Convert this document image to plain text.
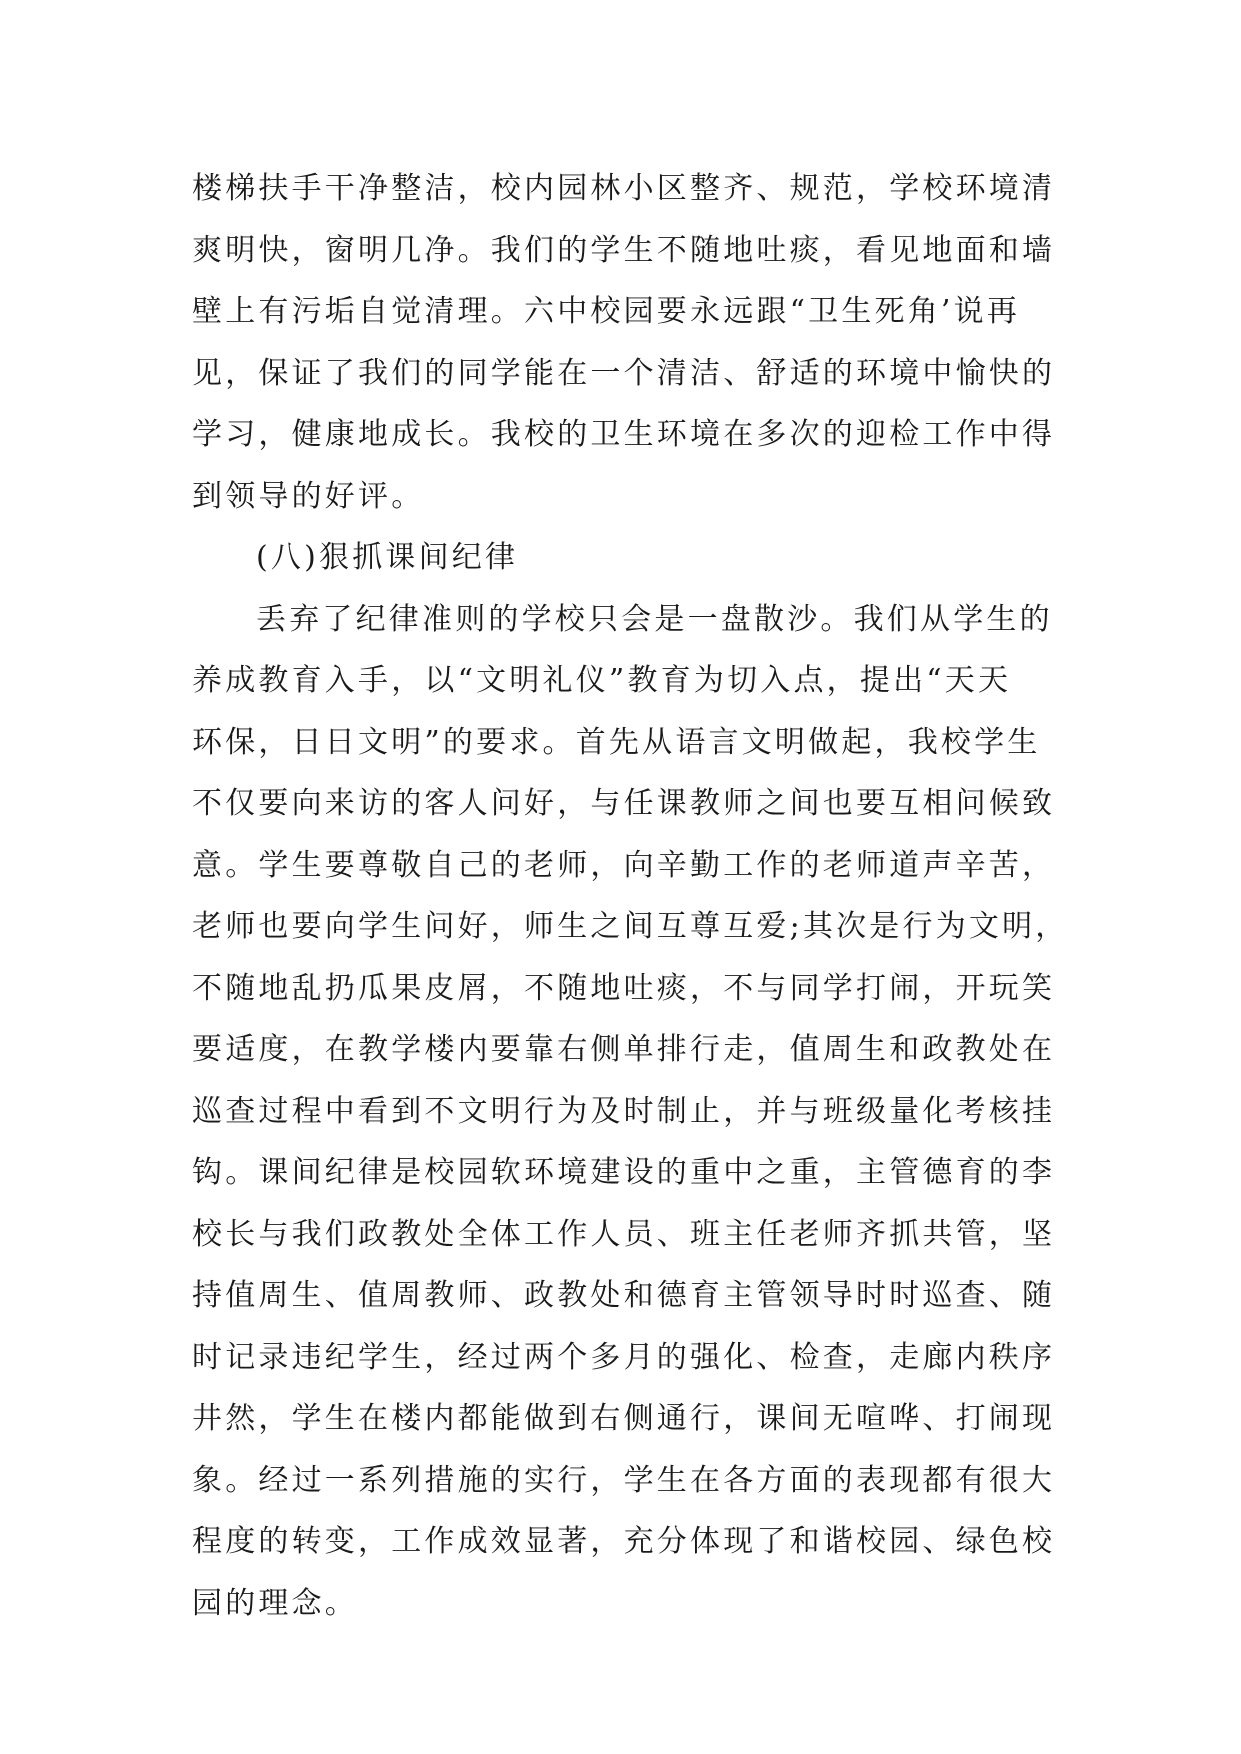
楼梯扶手干净整洁，校内园林小区整齐、规范，学校环境清
爽明快，窗明几净。我们的学生不随地吐痰，看见地面和墙
壁上有污垢自觉清理。六中校园要永远跟“卫生死角’说再
见，保证了我们的同学能在一个清洁、舒适的环境中愉快的
学习，健康地成长。我校的卫生环境在多次的迎检工作中得
到领导的好评。
(八)狠抓课间纪律
丢弃了纪律准则的学校只会是一盘散沙。我们从学生的
养成教育入手，以“文明礼仪”教育为切入点，提出“天天
环保，日日文明”的要求。首先从语言文明做起，我校学生
不仅要向来访的客人问好，与任课教师之间也要互相问候致
意。学生要尊敬自己的老师，向辛勤工作的老师道声辛苦，
老师也要向学生问好，师生之间互尊互爱;其次是行为文明，
不随地乱扔瓜果皮屑，不随地吐痰，不与同学打闹，开玩笑
要适度，在教学楼内要靠右侧单排行走，值周生和政教处在
巡查过程中看到不文明行为及时制止，并与班级量化考核挂
钩。课间纪律是校园软环境建设的重中之重，主管德育的李
校长与我们政教处全体工作人员、班主任老师齐抓共管，坚
持值周生、值周教师、政教处和德育主管领导时时巡查、随
时记录违纪学生，经过两个多月的强化、检查，走廊内秩序
井然，学生在楼内都能做到右侧通行，课间无喧哗、打闹现
象。经过一系列措施的实行，学生在各方面的表现都有很大
程度的转变，工作成效显著，充分体现了和谐校园、绿色校
园的理念。
